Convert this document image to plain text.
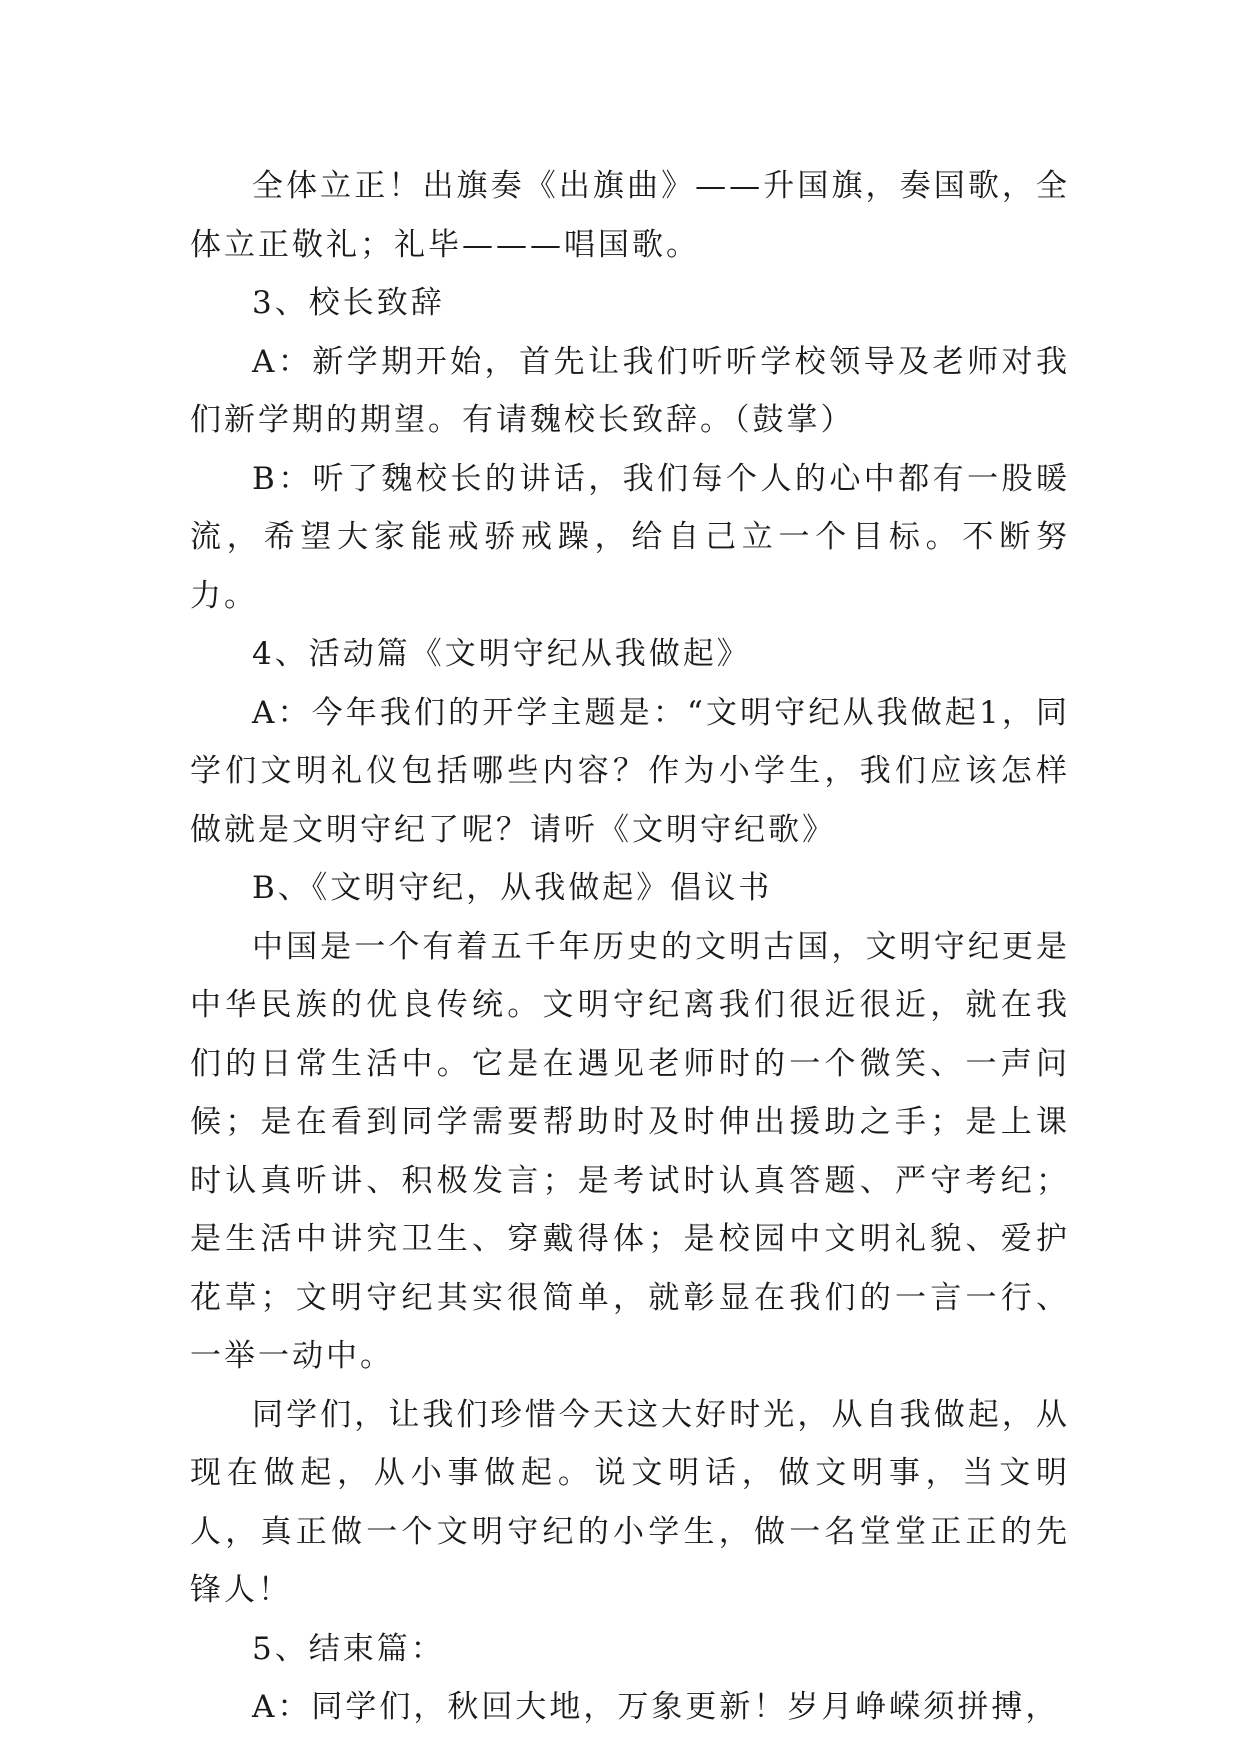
全体立正！出旗奏《出旗曲》——升国旗，奏国歌，全体立正敬礼；礼毕———唱国歌。

3、校长致辞

A：新学期开始，首先让我们听听学校领导及老师对我们新学期的期望。有请魏校长致辞。（鼓掌）

B：听了魏校长的讲话，我们每个人的心中都有一股暖流，希望大家能戒骄戒躁，给自己立一个目标。不断努力。

4、活动篇《文明守纪从我做起》

A：今年我们的开学主题是：“文明守纪从我做起1，同学们文明礼仪包括哪些内容？作为小学生，我们应该怎样做就是文明守纪了呢？请听《文明守纪歌》

B、《文明守纪，从我做起》倡议书

中国是一个有着五千年历史的文明古国，文明守纪更是中华民族的优良传统。文明守纪离我们很近很近，就在我们的日常生活中。它是在遇见老师时的一个微笑、一声问候；是在看到同学需要帮助时及时伸出援助之手；是上课时认真听讲、积极发言；是考试时认真答题、严守考纪；是生活中讲究卫生、穿戴得体；是校园中文明礼貌、爱护花草；文明守纪其实很简单，就彰显在我们的一言一行、一举一动中。

同学们，让我们珍惜今天这大好时光，从自我做起，从现在做起，从小事做起。说文明话，做文明事，当文明人，真正做一个文明守纪的小学生，做一名堂堂正正的先锋人！

5、结束篇：

A：同学们，秋回大地，万象更新！岁月峥嵘须拼搏，
